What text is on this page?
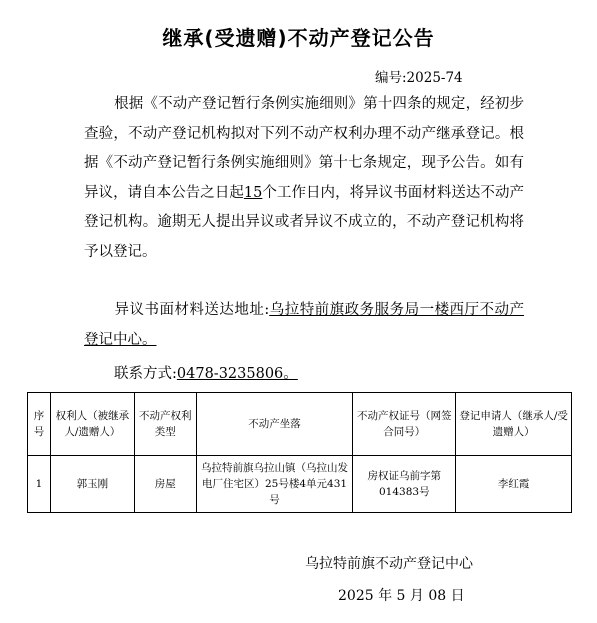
继承(受遗赠)不动产登记公告
编号:2025-74
根据《不动产登记暂行条例实施细则》第十四条的规定，经初步查验，不动产登记机构拟对下列不动产权利办理不动产继承登记。根据《不动产登记暂行条例实施细则》第十七条规定，现予公告。如有异议，请自本公告之日起15个工作日内，将异议书面材料送达不动产登记机构。逾期无人提出异议或者异议不成立的，不动产登记机构将予以登记。
异议书面材料送达地址:乌拉特前旗政务服务局一楼西厅不动产登记中心。
联系方式:0478-3235806。
序号	权利人（被继承人/遗赠人）	不动产权利类型	不动产坐落	不动产权证号（网签合同号）	登记申请人（继承人/受遗赠人）
1	郭玉刚	房屋	乌拉特前旗乌拉山镇（乌拉山发电厂住宅区）25号楼4单元431号	房权证乌前字第014383号	李红霞
乌拉特前旗不动产登记中心
2025 年 5 月 08 日
